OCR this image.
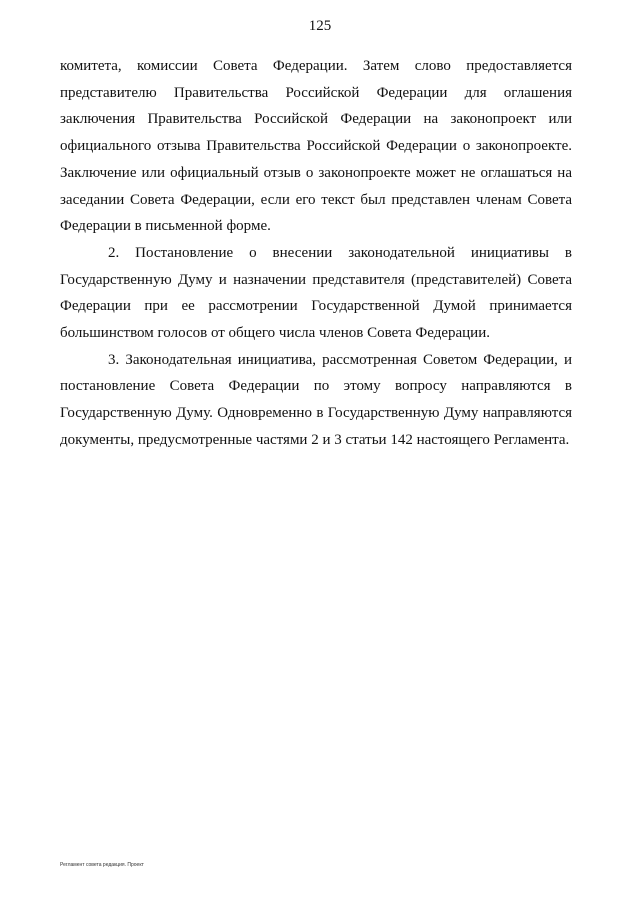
125

комитета, комиссии Совета Федерации. Затем слово предоставляется представителю Правительства Российской Федерации для оглашения заключения Правительства Российской Федерации на законопроект или официального отзыва Правительства Российской Федерации о законопроекте. Заключение или официальный отзыв о законопроекте может не оглашаться на заседании Совета Федерации, если его текст был представлен членам Совета Федерации в письменной форме.

2. Постановление о внесении законодательной инициативы в Государственную Думу и назначении представителя (представителей) Совета Федерации при ее рассмотрении Государственной Думой принимается большинством голосов от общего числа членов Совета Федерации.

3. Законодательная инициатива, рассмотренная Советом Федерации, и постановление Совета Федерации по этому вопросу направляются в Государственную Думу. Одновременно в Государственную Думу направляются документы, предусмотренные частями 2 и 3 статьи 142 настоящего Регламента.

Регламент совета редакция. Проект
